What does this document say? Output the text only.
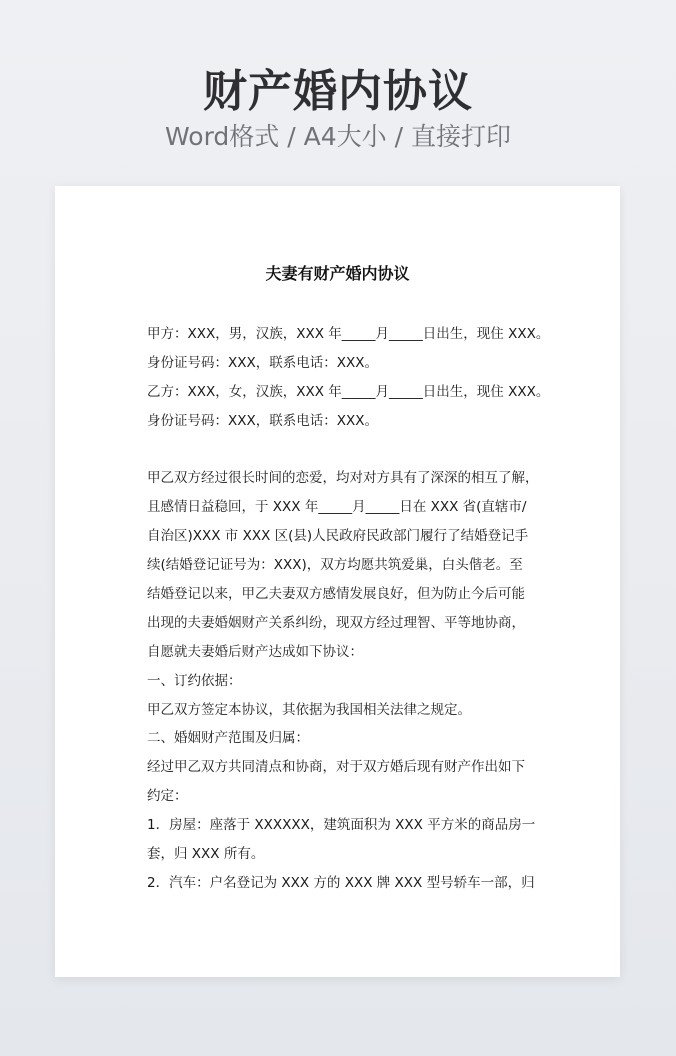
财产婚内协议
Word格式 / A4大小 / 直接打印
夫妻有财产婚内协议
甲方：XXX，男，汉族，XXX 年_____月_____日出生，现住 XXX。
身份证号码：XXX，联系电话：XXX。
乙方：XXX，女，汉族，XXX 年_____月_____日出生，现住 XXX。
身份证号码：XXX，联系电话：XXX。
甲乙双方经过很长时间的恋爱，均对对方具有了深深的相互了解，
且感情日益稳回，于 XXX 年_____月_____日在 XXX 省(直辖市/
自治区)XXX 市 XXX 区(县)人民政府民政部门履行了结婚登记手
续(结婚登记证号为：XXX)，双方均愿共筑爱巢，白头偕老。至
结婚登记以来，甲乙夫妻双方感情发展良好，但为防止今后可能
出现的夫妻婚姻财产关系纠纷，现双方经过理智、平等地协商，
自愿就夫妻婚后财产达成如下协议：
一、订约依据：
甲乙双方签定本协议，其依据为我国相关法律之规定。
二、婚姻财产范围及归属：
经过甲乙双方共同清点和协商，对于双方婚后现有财产作出如下
约定：
1．房屋：座落于 XXXXXX，建筑面积为 XXX 平方米的商品房一
套，归 XXX 所有。
2．汽车：户名登记为 XXX 方的 XXX 牌 XXX 型号轿车一部，归
